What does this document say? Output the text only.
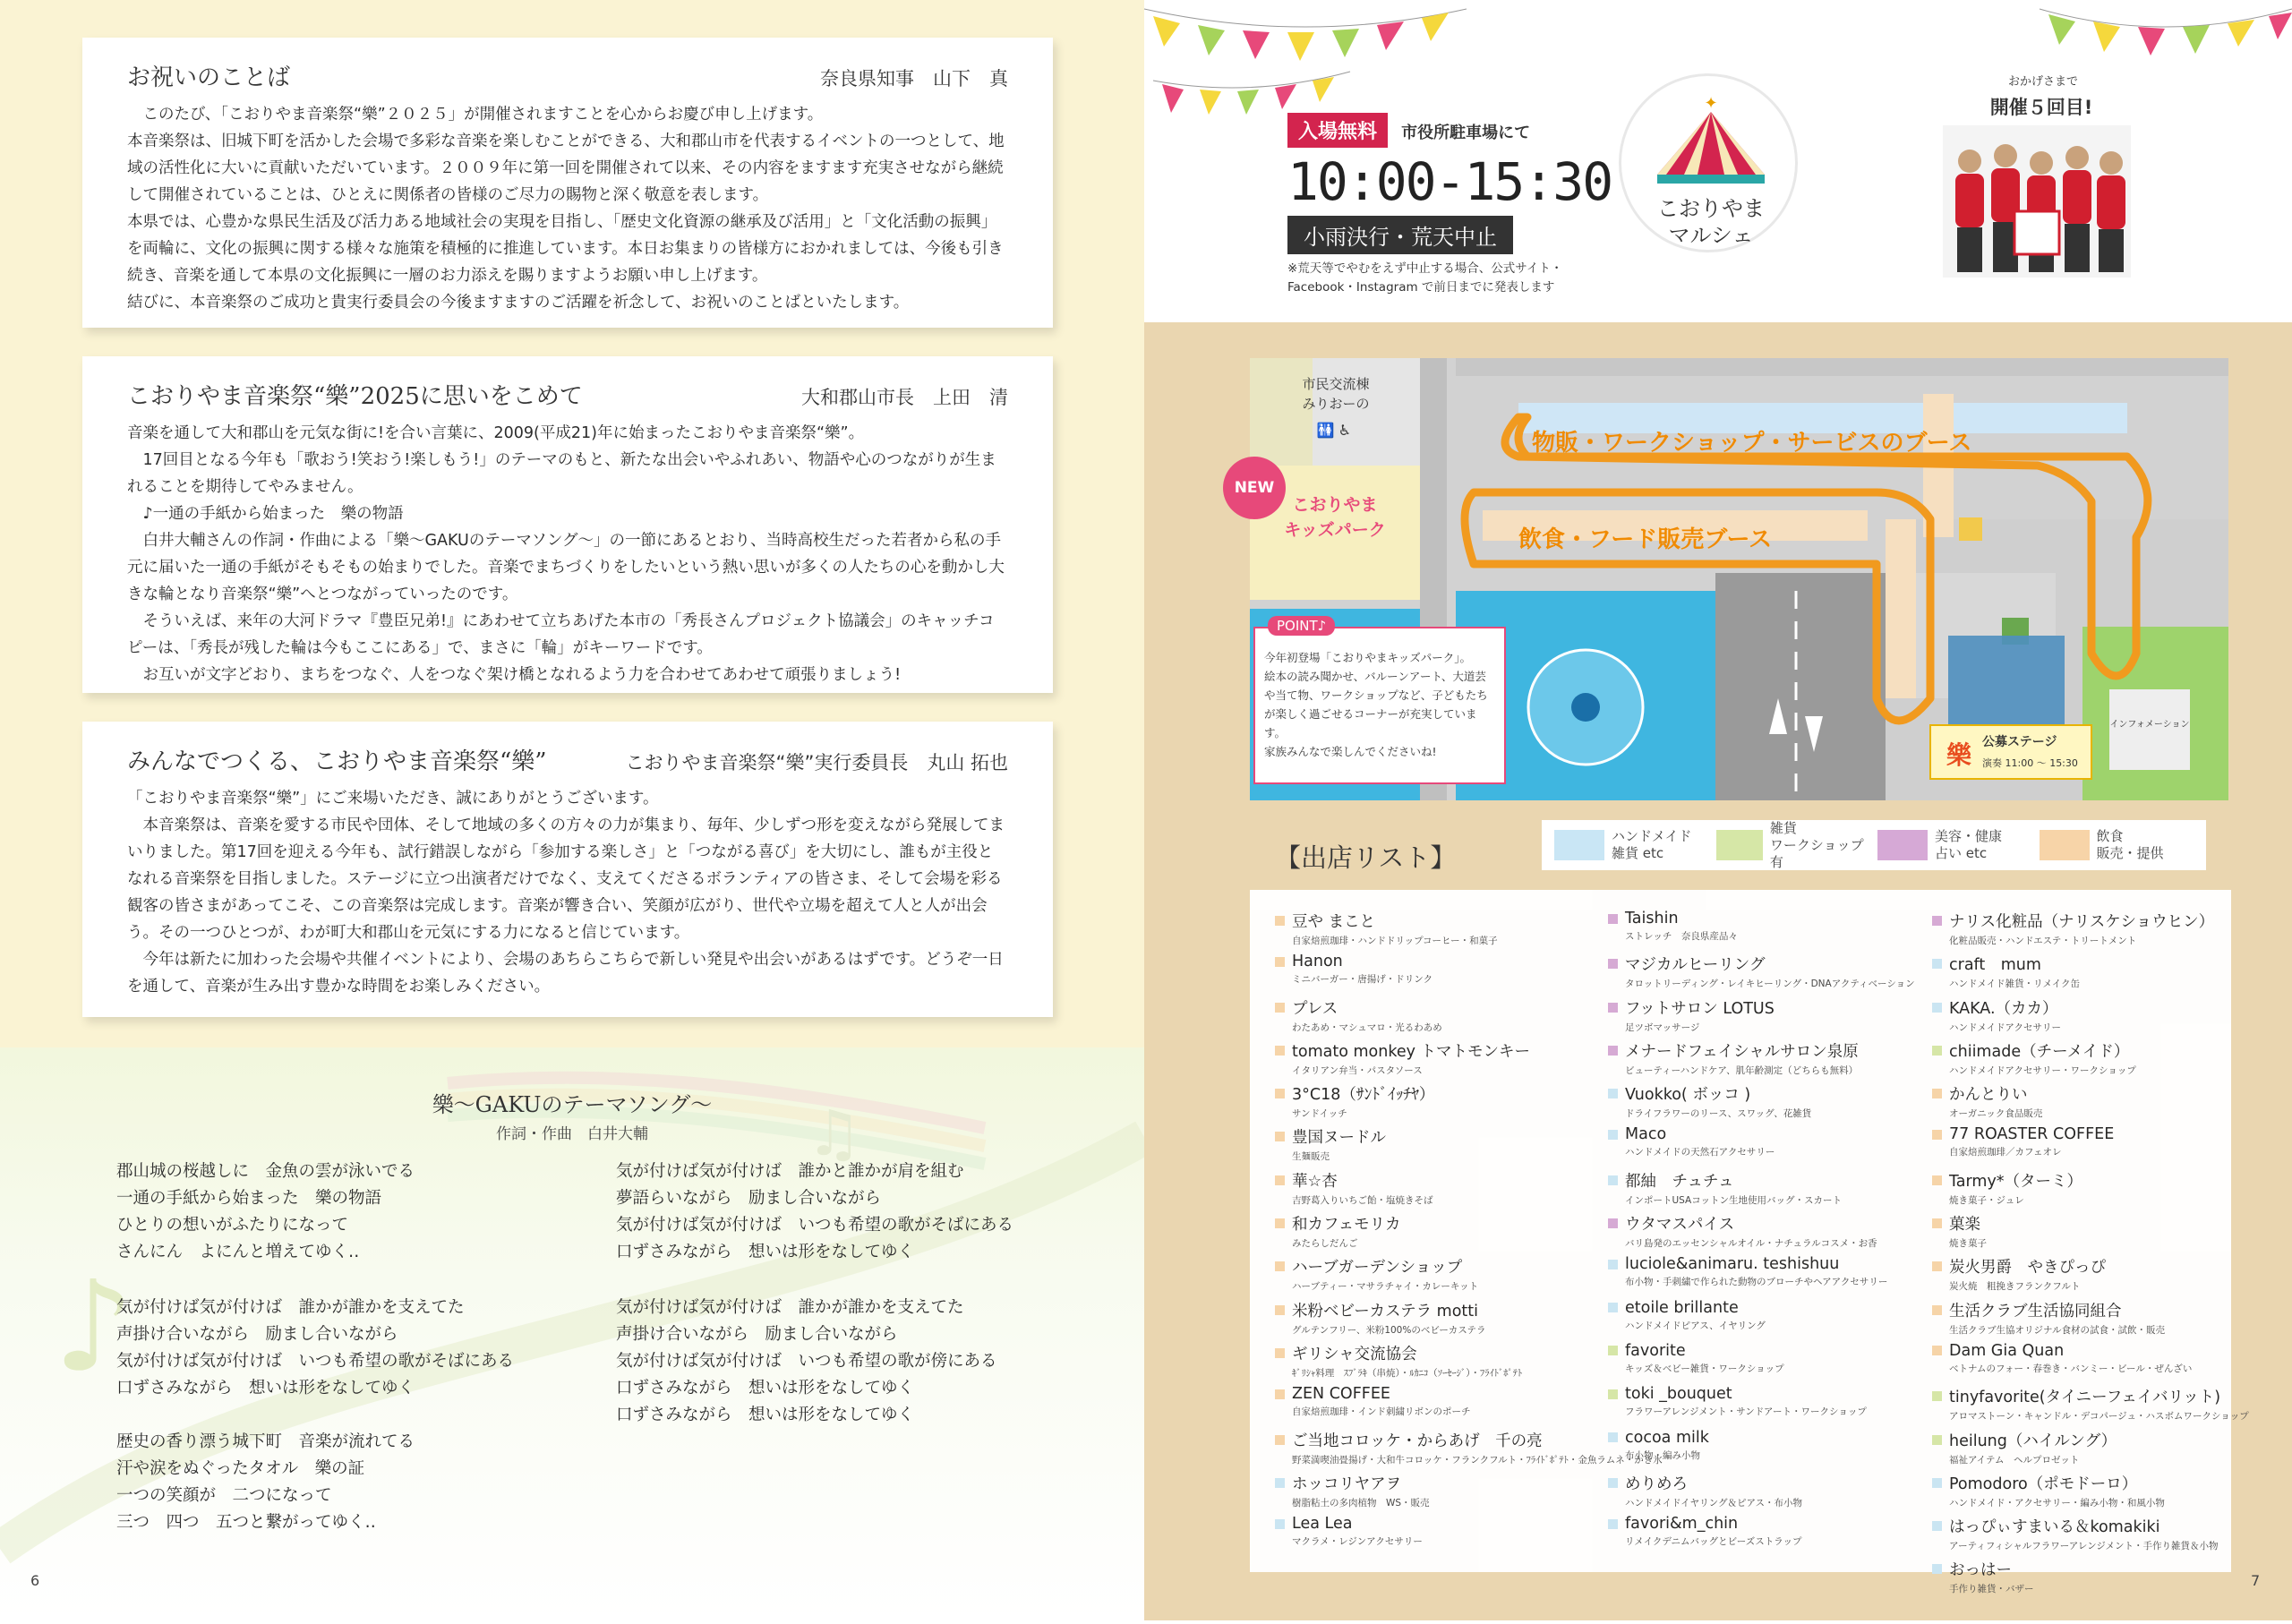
お祝いのことば	奈良県知事　山下　真

　このたび、「こおりやま音楽祭“樂”２０２５」が開催されますことを心からお慶び申し上げます。
本音楽祭は、旧城下町を活かした会場で多彩な音楽を楽しむことができる、大和郡山市を代表するイベントの一つとして、地域の活性化に大いに貢献いただいています。２００９年に第一回を開催されて以来、その内容をますます充実させながら継続して開催されていることは、ひとえに関係者の皆様のご尽力の賜物と深く敬意を表します。
本県では、心豊かな県民生活及び活力ある地域社会の実現を目指し、「歴史文化資源の継承及び活用」と「文化活動の振興」を両輪に、文化の振興に関する様々な施策を積極的に推進しています。本日お集まりの皆様方におかれましては、今後も引き続き、音楽を通して本県の文化振興に一層のお力添えを賜りますようお願い申し上げます。
結びに、本音楽祭のご成功と貴実行委員会の今後ますますのご活躍を祈念して、お祝いのことばといたします。

こおりやま音楽祭“樂”2025に思いをこめて	大和郡山市長　上田　清

音楽を通して大和郡山を元気な街に!を合い言葉に、2009(平成21)年に始まったこおりやま音楽祭“樂”。
　17回目となる今年も「歌おう!笑おう!楽しもう!」のテーマのもと、新たな出会いやふれあい、物語や心のつながりが生まれることを期待してやみません。
　♪一通の手紙から始まった　樂の物語
　白井大輔さんの作詞・作曲による「樂〜GAKUのテーマソング〜」の一節にあるとおり、当時高校生だった若者から私の手元に届いた一通の手紙がそもそもの始まりでした。音楽でまちづくりをしたいという熱い思いが多くの人たちの心を動かし大きな輪となり音楽祭“樂”へとつながっていったのです。
　そういえば、来年の大河ドラマ『豊臣兄弟!』にあわせて立ちあげた本市の「秀長さんプロジェクト協議会」のキャッチコピーは、「秀長が残した輪は今もここにある」で、まさに「輪」がキーワードです。
　お互いが文字どおり、まちをつなぐ、人をつなぐ架け橋となれるよう力を合わせてあわせて頑張りましょう!

みんなでつくる、こおりやま音楽祭“樂”	こおりやま音楽祭“樂”実行委員長　丸山 拓也

「こおりやま音楽祭“樂”」にご来場いただき、誠にありがとうございます。
　本音楽祭は、音楽を愛する市民や団体、そして地域の多くの方々の力が集まり、毎年、少しずつ形を変えながら発展してまいりました。第17回を迎える今年も、試行錯誤しながら「参加する楽しさ」と「つながる喜び」を大切にし、誰もが主役となれる音楽祭を目指しました。ステージに立つ出演者だけでなく、支えてくださるボランティアの皆さま、そして会場を彩る観客の皆さまがあってこそ、この音楽祭は完成します。音楽が響き合い、笑顔が広がり、世代や立場を超えて人と人が出会う。その一つひとつが、わが町大和郡山を元気にする力になると信じています。
　今年は新たに加わった会場や共催イベントにより、会場のあちらこちらで新しい発見や出会いがあるはずです。どうぞ一日を通して、音楽が生み出す豊かな時間をお楽しみください。

♪
♫
樂〜GAKUのテーマソング〜
作詞・作曲　白井大輔
郡山城の桜越しに　金魚の雲が泳いでる
一通の手紙から始まった　樂の物語
ひとりの想いがふたりになって
さんにん　よにんと増えてゆく‥
気が付けば気が付けば　誰かが誰かを支えてた
声掛け合いながら　励まし合いながら
気が付けば気が付けば　いつも希望の歌がそばにある
口ずさみながら　想いは形をなしてゆく
歴史の香り漂う城下町　音楽が流れてる
汗や涙をぬぐったタオル　樂の証
一つの笑顔が　二つになって
三つ　四つ　五つと繋がってゆく‥
気が付けば気が付けば　誰かと誰かが肩を組む
夢語らいながら　励まし合いながら
気が付けば気が付けば　いつも希望の歌がそばにある
口ずさみながら　想いは形をなしてゆく
気が付けば気が付けば　誰かが誰かを支えてた
声掛け合いながら　励まし合いながら
気が付けば気が付けば　いつも希望の歌が傍にある
口ずさみながら　想いは形をなしてゆく
口ずさみながら　想いは形をなしてゆく
6
✦
こおりやま
マルシェ
入場無料 市役所駐車場にて
10:00-15:30
小雨決行・荒天中止
※荒天等でやむをえず中止する場合、公式サイト・
Facebook・Instagram で前日までに発表します
おかげさまで
開催５回目!
市民交流棟
みりおーの
🚻♿
NEW
こおりやま
キッズパーク
物販・ワークショップ・サービスのブース
飲食・フード販売ブース
POINT♪
今年初登場「こおりやまキッズパーク」。
絵本の読み聞かせ、バルーンアート、大道芸や当て物、ワークショップなど、子どもたちが楽しく過ごせるコーナーが充実しています。
家族みんなで楽しんでくださいね!	樂 公募ステージ
演奏 11:00 〜 15:30
インフォメーション
【出店リスト】
ハンドメイド
雑貨 etc
雑貨
ワークショップ有
美容・健康
占い etc
飲食
販売・提供
豆や まこと
自家焙煎珈琲・ハンドドリップコーヒー・和菓子
Hanon
ミニバーガー・唐揚げ・ドリンク
プレス
わたあめ・マシュマロ・光るわあめ
tomato monkey トマトモンキー
イタリアン弁当・パスタソース
3°C18（ｻﾝﾄﾞｲｯﾁﾔ）
サンドイッチ
豊国ヌードル
生麺販売
華☆杏
吉野葛入りいちご飴・塩焼きそば
和カフェモリカ
みたらしだんご
ハーブガーデンショップ
ハーブティー・マサラチャイ・カレーキット
米粉ベビーカステラ motti
グルテンフリー、米粉100%のベビーカステラ
ギリシャ交流協会
ｷﾞﾘｼｬ料理　ｽﾌﾞﾗｷ（串焼）・ﾙｶﾆｺ（ｿｰｾｰｼﾞ）・ﾌﾗｲﾄﾞﾎﾟﾃﾄ
ZEN COFFEE
自家焙煎珈琲・インド刺繍リボンのポーチ
ご当地コロッケ・からあげ　千の亮
野菜満喫油畳揚げ・大和牛コロッケ・フランクフルト・ﾌﾗｲﾄﾞﾎﾟﾃﾄ・金魚ラムネ・かき氷
ホッコリヤアヲ
樹脂粘土の多肉植物　WS・販売
Lea Lea
マクラメ・レジンアクセサリー
Taishin
ストレッチ　奈良県産品々
マジカルヒーリング
タロットリーディング・レイキヒーリング・DNAアクティベーション
フットサロン LOTUS
足ツボマッサージ
メナードフェイシャルサロン泉原
ビューティーハンドケア、肌年齢測定（どちらも無料）
Vuokko( ボッコ )
ドライフラワーのリース、スワッグ、花雑貨
Maco
ハンドメイドの天然石アクセサリー
都紬　チュチュ
インポートUSAコットン生地使用バッグ・スカート
ウタマスパイス
バリ島発のエッセンシャルオイル・ナチュラルコスメ・お香
luciole&animaru. teshishuu
布小物・手刺繍で作られた動物のブローチやヘアアクセサリー
etoile brillante
ハンドメイドピアス、イヤリング
favorite
キッズ＆ベビー雑貨・ワークショップ
toki _bouquet
フラワーアレンジメント・サンドアート・ワークショップ
cocoa milk
布小物・編み小物
めりめろ
ハンドメイドイヤリング＆ピアス・布小物
favori&m_chin
リメイクデニムバッグとビーズストラップ
ナリス化粧品（ナリスケショウヒン）
化粧品販売・ハンドエステ・トリートメント
craft　mum
ハンドメイド雑貨・リメイク缶
KAKA.（カカ）
ハンドメイドアクセサリー
chiimade（チーメイド）
ハンドメイドアクセサリー・ワークショップ
かんとりい
オーガニック食品販売
77 ROASTER COFFEE
自家焙煎珈琲／カフェオレ
Tarmy*（ターミ）
焼き菓子・ジュレ
菓楽
焼き菓子
炭火男爵　やきぴっぴ
炭火焼　粗挽きフランクフルト
生活クラブ生活協同組合
生活クラブ生協オリジナル食材の試食・試飲・販売
Dam Gia Quan
ベトナムのフォー・春巻き・バンミー・ビール・ぜんざい
tinyfavorite(タイニーフェイバリット)
アロマストーン・キャンドル・デコパージュ・ハスボムワークショップ
heilung（ハイルング）
福祉アイテム　ヘルプロゼット
Pomodoro（ポモドーロ）
ハンドメイド・アクセサリー・編み小物・和風小物
はっぴぃすまいる＆komakiki
アーティフィシャルフラワーアレンジメント・手作り雑貨＆小物
おっはー
手作り雑貨・バザー
7
